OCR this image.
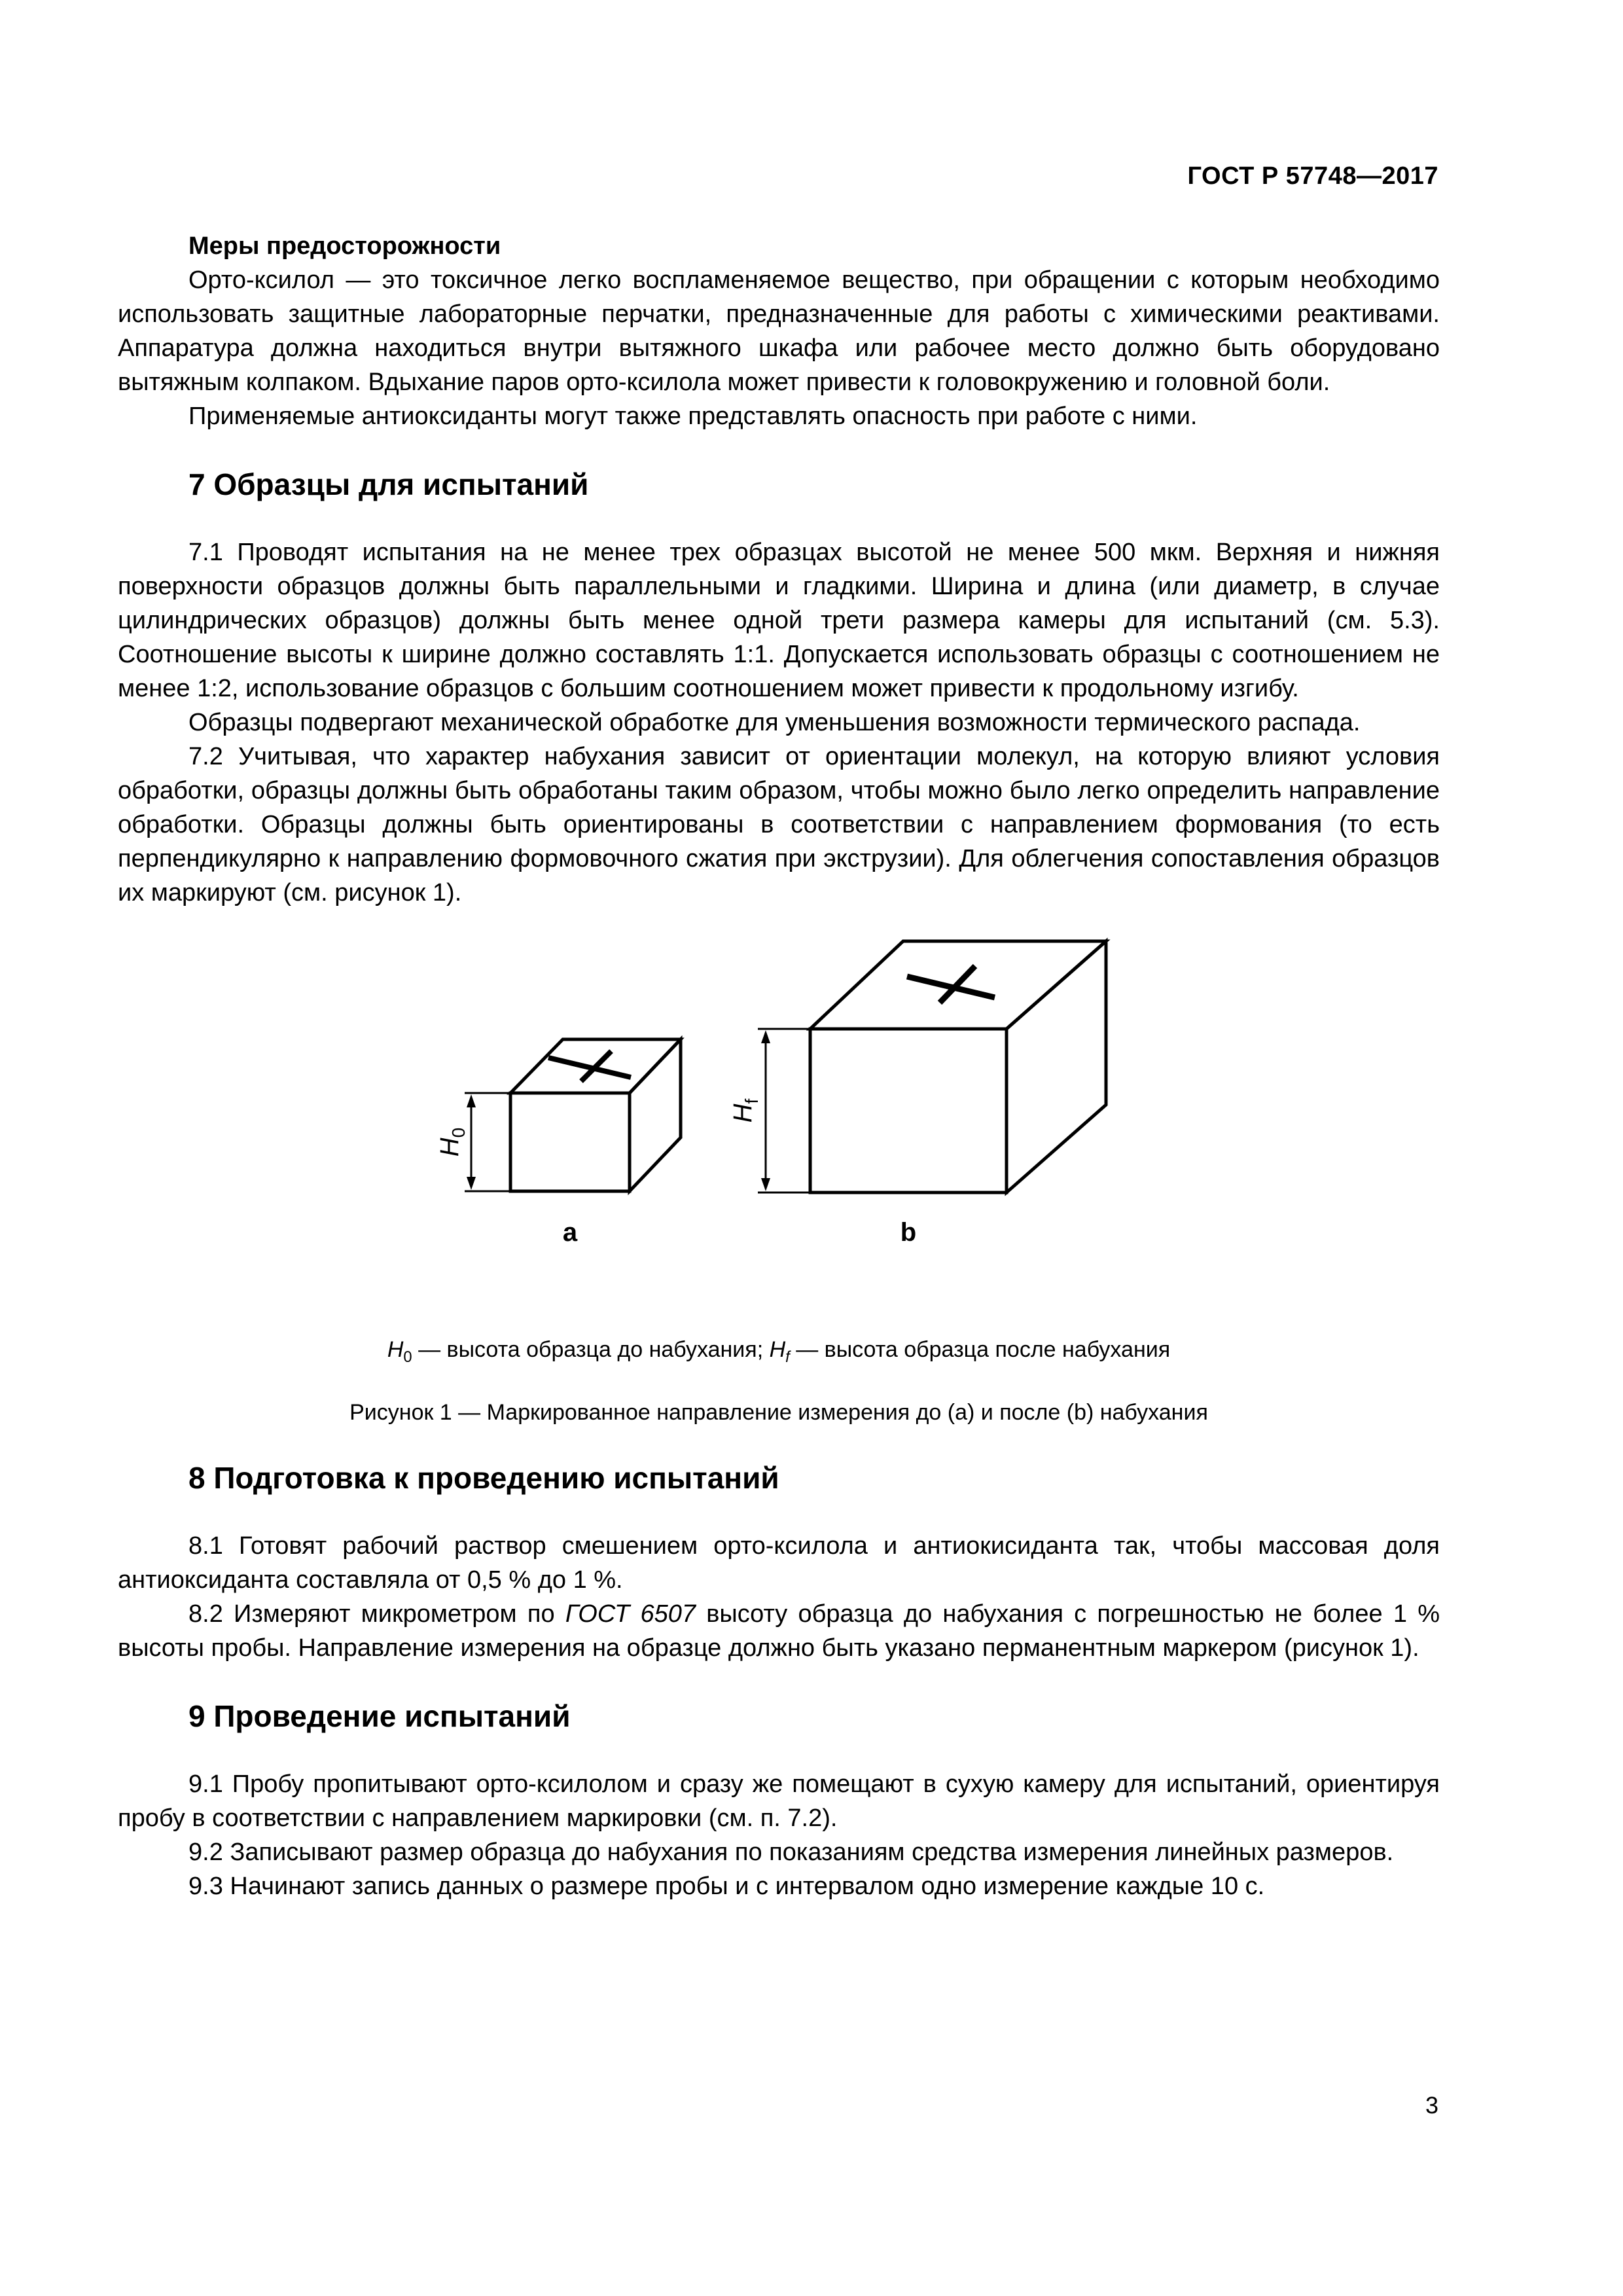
ГОСТ Р 57748—2017

Меры предосторожности

Орто-ксилол — это токсичное легко воспламеняемое вещество, при обращении с которым необходимо использовать защитные лабораторные перчатки, предназначенные для работы с химическими реактивами. Аппаратура должна находиться внутри вытяжного шкафа или рабочее место должно быть оборудовано вытяжным колпаком. Вдыхание паров орто-ксилола может привести к головокружению и головной боли.

Применяемые антиоксиданты могут также представлять опасность при работе с ними.

7 Образцы для испытаний

7.1 Проводят испытания на не менее трех образцах высотой не менее 500 мкм. Верхняя и нижняя поверхности образцов должны быть параллельными и гладкими. Ширина и длина (или диаметр, в случае цилиндрических образцов) должны быть менее одной трети размера камеры для испытаний (см. 5.3). Соотношение высоты к ширине должно составлять 1:1. Допускается использовать образцы с соотношением не менее 1:2, использование образцов с большим соотношением может привести к продольному изгибу.

Образцы подвергают механической обработке для уменьшения возможности термического распада.

7.2 Учитывая, что характер набухания зависит от ориентации молекул, на которую влияют условия обработки, образцы должны быть обработаны таким образом, чтобы можно было легко определить направление обработки. Образцы должны быть ориентированы в соответствии с направлением формования (то есть перпендикулярно к направлению формовочного сжатия при экструзии). Для облегчения сопоставления образцов их маркируют (см. рисунок 1).

$H_0$
$H_f$
a	b

$H_0$ — высота образца до набухания; $H_f$ — высота образца после набухания

Рисунок 1 — Маркированное направление измерения до (а) и после (b) набухания

8 Подготовка к проведению испытаний

8.1 Готовят рабочий раствор смешением орто-ксилола и антиокисиданта так, чтобы массовая доля антиоксиданта составляла от 0,5 % до 1 %.

8.2 Измеряют микрометром по ГОСТ 6507 высоту образца до набухания с погрешностью не более 1 % высоты пробы. Направление измерения на образце должно быть указано перманентным маркером (рисунок 1).

9 Проведение испытаний

9.1 Пробу пропитывают орто-ксилолом и сразу же помещают в сухую камеру для испытаний, ориентируя пробу в соответствии с направлением маркировки (см. п. 7.2).

9.2 Записывают размер образца до набухания по показаниям средства измерения линейных размеров.

9.3 Начинают запись данных о размере пробы и с интервалом одно измерение каждые 10 с.

3
